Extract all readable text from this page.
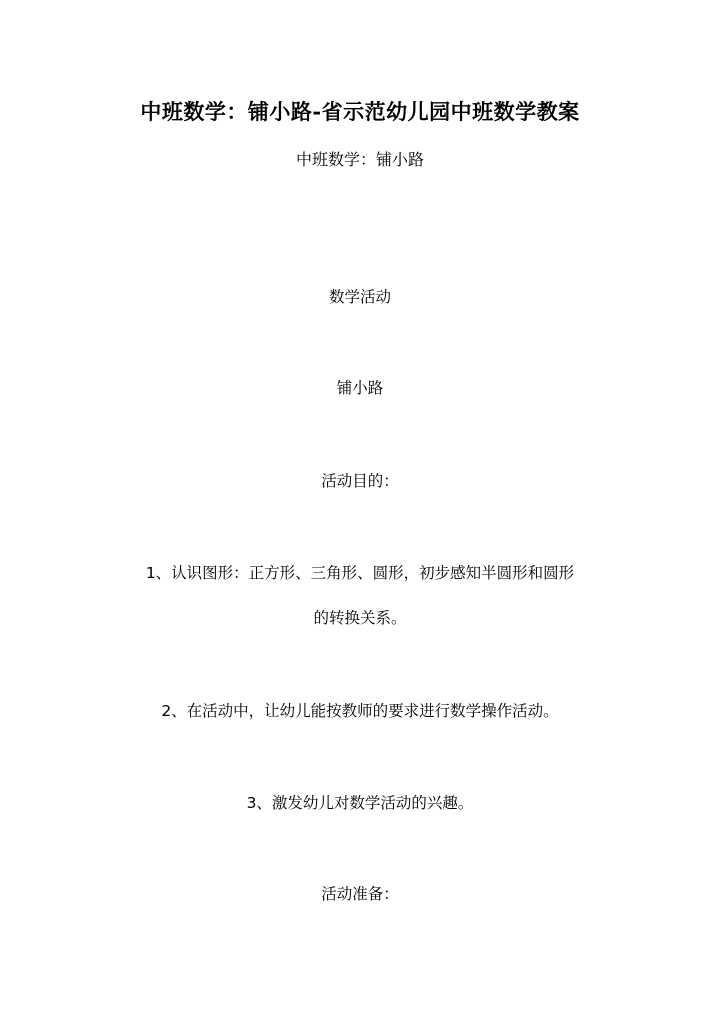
中班数学：铺小路-省示范幼儿园中班数学教案
中班数学：铺小路
数学活动
铺小路
活动目的：
1、认识图形：正方形、三角形、圆形，初步感知半圆形和圆形
的转换关系。
2、在活动中，让幼儿能按教师的要求进行数学操作活动。
3、激发幼儿对数学活动的兴趣。
活动准备：
